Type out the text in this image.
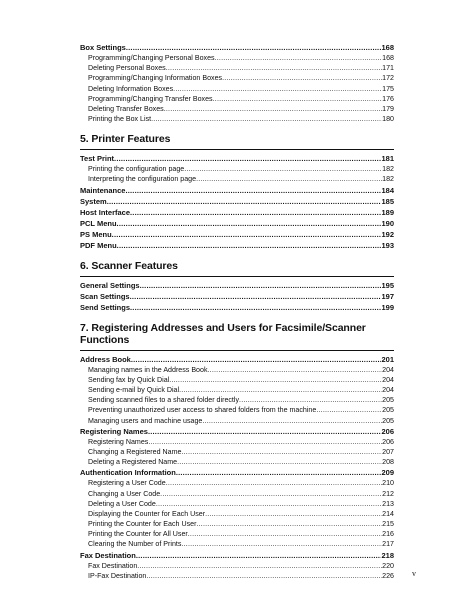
Box Settings .....	168
Programming/Changing Personal Boxes .....	168
Deleting Personal Boxes .....	171
Programming/Changing Information Boxes .....	172
Deleting Information Boxes .....	175
Programming/Changing Transfer Boxes .....	176
Deleting Transfer Boxes .....	179
Printing the Box List .....	180
5. Printer Features
Test Print .....	181
Printing the configuration page .....	182
Interpreting the configuration page .....	182
Maintenance .....	184
System .....	185
Host Interface .....	189
PCL Menu .....	190
PS Menu .....	192
PDF Menu .....	193
6. Scanner Features
General Settings .....	195
Scan Settings .....	197
Send Settings .....	199
7. Registering Addresses and Users for Facsimile/Scanner Functions
Address Book .....	201
Managing names in the Address Book .....	204
Sending fax by Quick Dial .....	204
Sending e-mail by Quick Dial .....	204
Sending scanned files to a shared folder directly .....	205
Preventing unauthorized user access to shared folders from the machine .....	205
Managing users and machine usage .....	205
Registering Names .....	206
Registering Names .....	206
Changing a Registered Name .....	207
Deleting a Registered Name .....	208
Authentication Information .....	209
Registering a User Code .....	210
Changing a User Code .....	212
Deleting a User Code .....	213
Displaying the Counter for Each User .....	214
Printing the Counter for Each User .....	215
Printing the Counter for All User .....	216
Clearing the Number of Prints .....	217
Fax Destination .....	218
Fax Destination .....	220
IP-Fax Destination .....	226 v
